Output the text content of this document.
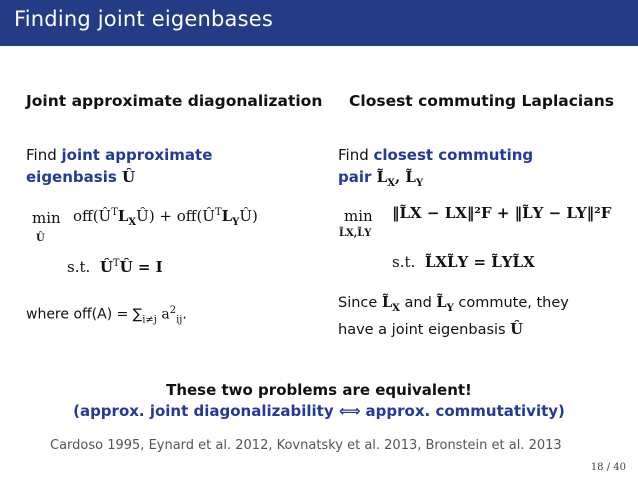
Finding joint eigenbases
Joint approximate diagonalization
Find joint approximate
eigenbasis Û
min
Û
$off(Û^TL_XÛ)$ + $off(Û^TL_YÛ)$
s.t. $Û^TÛ = I$
where $off(A) = \sum_{i\ne j}$ $a^2_{ij}$.
Closest commuting Laplacians
Find closest commuting
pair $L̃_X$, $L̃_Y$
min
L̃X,L̃Y
‖L̃X − LX‖²F + ‖L̃Y − LY‖²F
s.t. L̃XL̃Y = L̃YL̃X
Since $L̃_X$ and $L̃_Y$ commute, they
have a joint eigenbasis Û
These two problems are equivalent!
(approx. joint diagonalizability ⟺ approx. commutativity)
Cardoso 1995, Eynard et al. 2012, Kovnatsky et al. 2013, Bronstein et al. 2013
18 / 40
